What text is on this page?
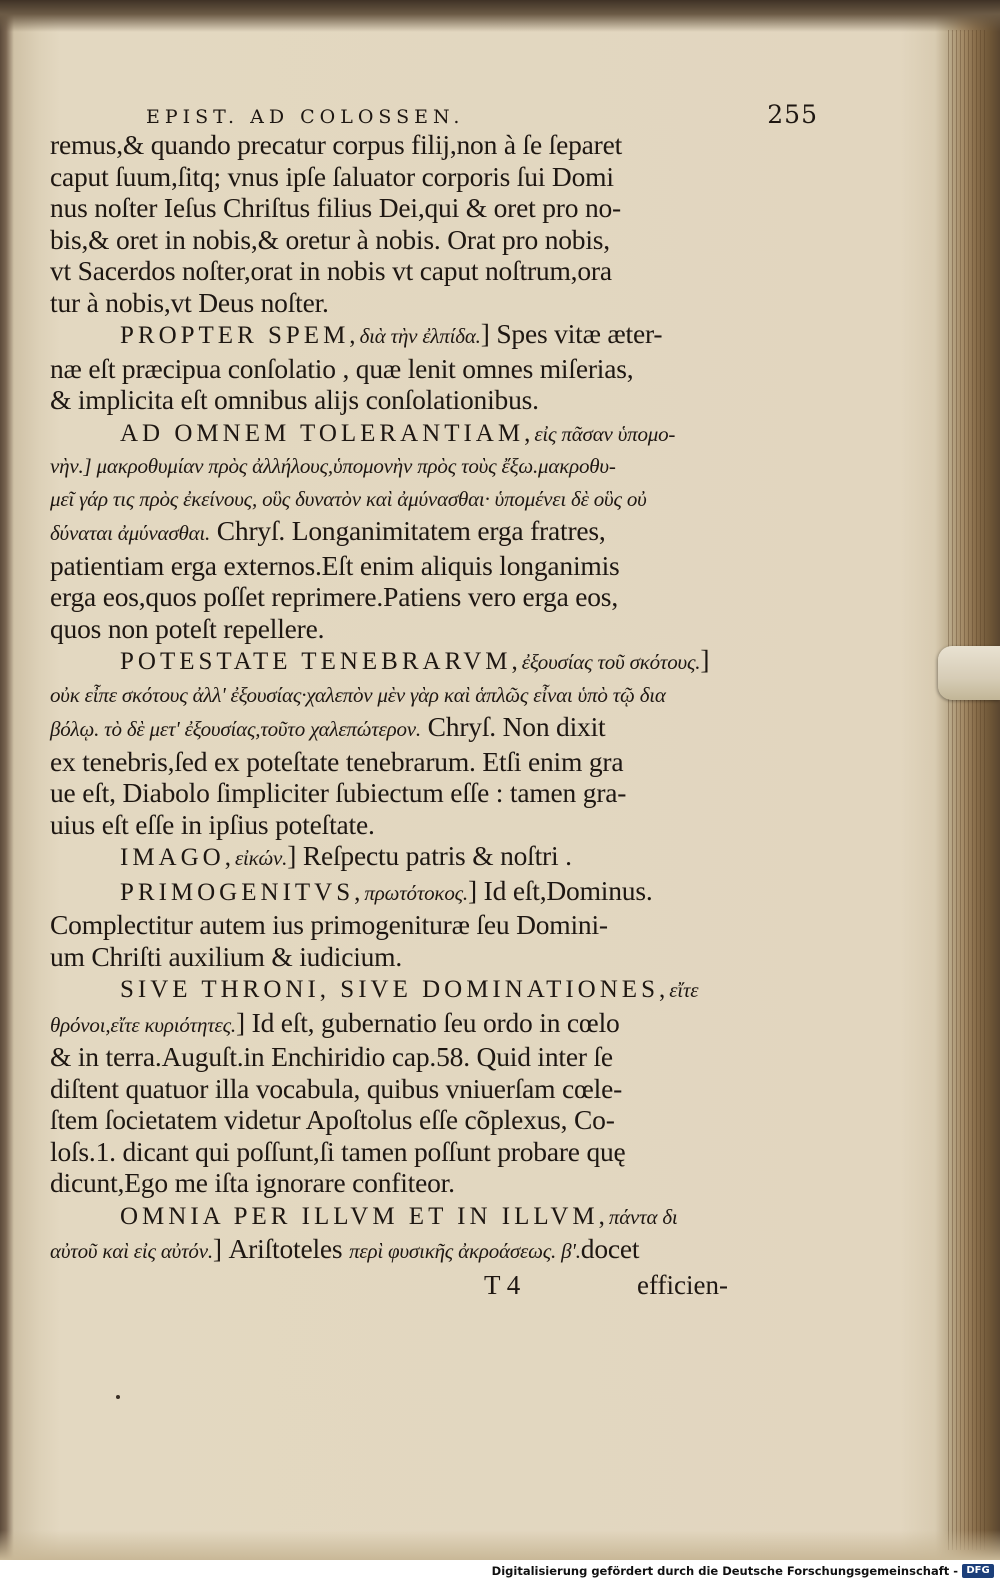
EPIST. AD COLOSSEN.	255
remus,& quando precatur corpus filij,non à ſe ſeparet
caput ſuum,ſitq; vnus ipſe ſaluator corporis ſui Domi
nus noſter Ieſus Chriſtus filius Dei,qui & oret pro no-
bis,& oret in nobis,& oretur à nobis. Orat pro nobis,
vt Sacerdos noſter,orat in nobis vt caput noſtrum,ora
tur à nobis,vt Deus noſter.
PROPTER SPEM,διὰ τὴν ἐλπίδα.] Spes vitæ æter-
næ eſt præcipua conſolatio , quæ lenit omnes miſerias,
& implicita eſt omnibus alijs conſolationibus.
AD OMNEM TOLERANTIAM,εἰς πᾶσαν ὑπομο-
νὴν.] μακροθυμίαν πρὸς ἀλλήλους,ὑπομονὴν πρὸς τοὺς ἔξω.μακροθυ-
μεῖ γάρ τις πρὸς ἐκείνους, οὓς δυνατὸν καὶ ἀμύνασθαι· ὑπομένει δὲ οὓς οὐ
δύναται ἀμύνασθαι. Chryſ. Longanimitatem erga fratres,
patientiam erga externos.Eſt enim aliquis longanimis
erga eos,quos poſſet reprimere.Patiens vero erga eos,
quos non poteſt repellere.
POTESTATE TENEBRARVM,ἐξουσίας τοῦ σκότους.]
οὐκ εἶπε σκότους ἀλλ' ἐξουσίας·χαλεπὸν μὲν γὰρ καὶ ἁπλῶς εἶναι ὑπὸ τῷ δια
βόλῳ. τὸ δὲ μετ' ἐξουσίας,τοῦτο χαλεπώτερον. Chryſ. Non dixit
ex tenebris,ſed ex poteſtate tenebrarum. Etſi enim gra
ue eſt, Diabolo ſimpliciter ſubiectum eſſe : tamen gra-
uius eſt eſſe in ipſius poteſtate.
IMAGO,εἰκών.] Reſpectu patris & noſtri .
PRIMOGENITVS,πρωτότοκος.] Id eſt,Dominus.
Complectitur autem ius primogenituræ ſeu Domini-
um Chriſti auxilium & iudicium.
SIVE THRONI, SIVE DOMINATIONES,εἴτε
θρόνοι,εἴτε κυριότητες.] Id eſt, gubernatio ſeu ordo in cœlo
& in terra.Auguſt.in Enchiridio cap.58. Quid inter ſe
diſtent quatuor illa vocabula, quibus vniuerſam cœle-
ſtem ſocietatem videtur Apoſtolus eſſe cõplexus, Co-
loſs.1. dicant qui poſſunt,ſi tamen poſſunt probare quę
dicunt,Ego me iſta ignorare confiteor.
OMNIA PER ILLVM ET IN ILLVM,πάντα δι
αὐτοῦ καὶ εἰς αὐτόν.] Ariſtoteles περὶ φυσικῆς ἀκροάσεως. β'.docet
T 4	efficien-
Digitalisierung gefördert durch die Deutsche Forschungsgemeinschaft - DFG
